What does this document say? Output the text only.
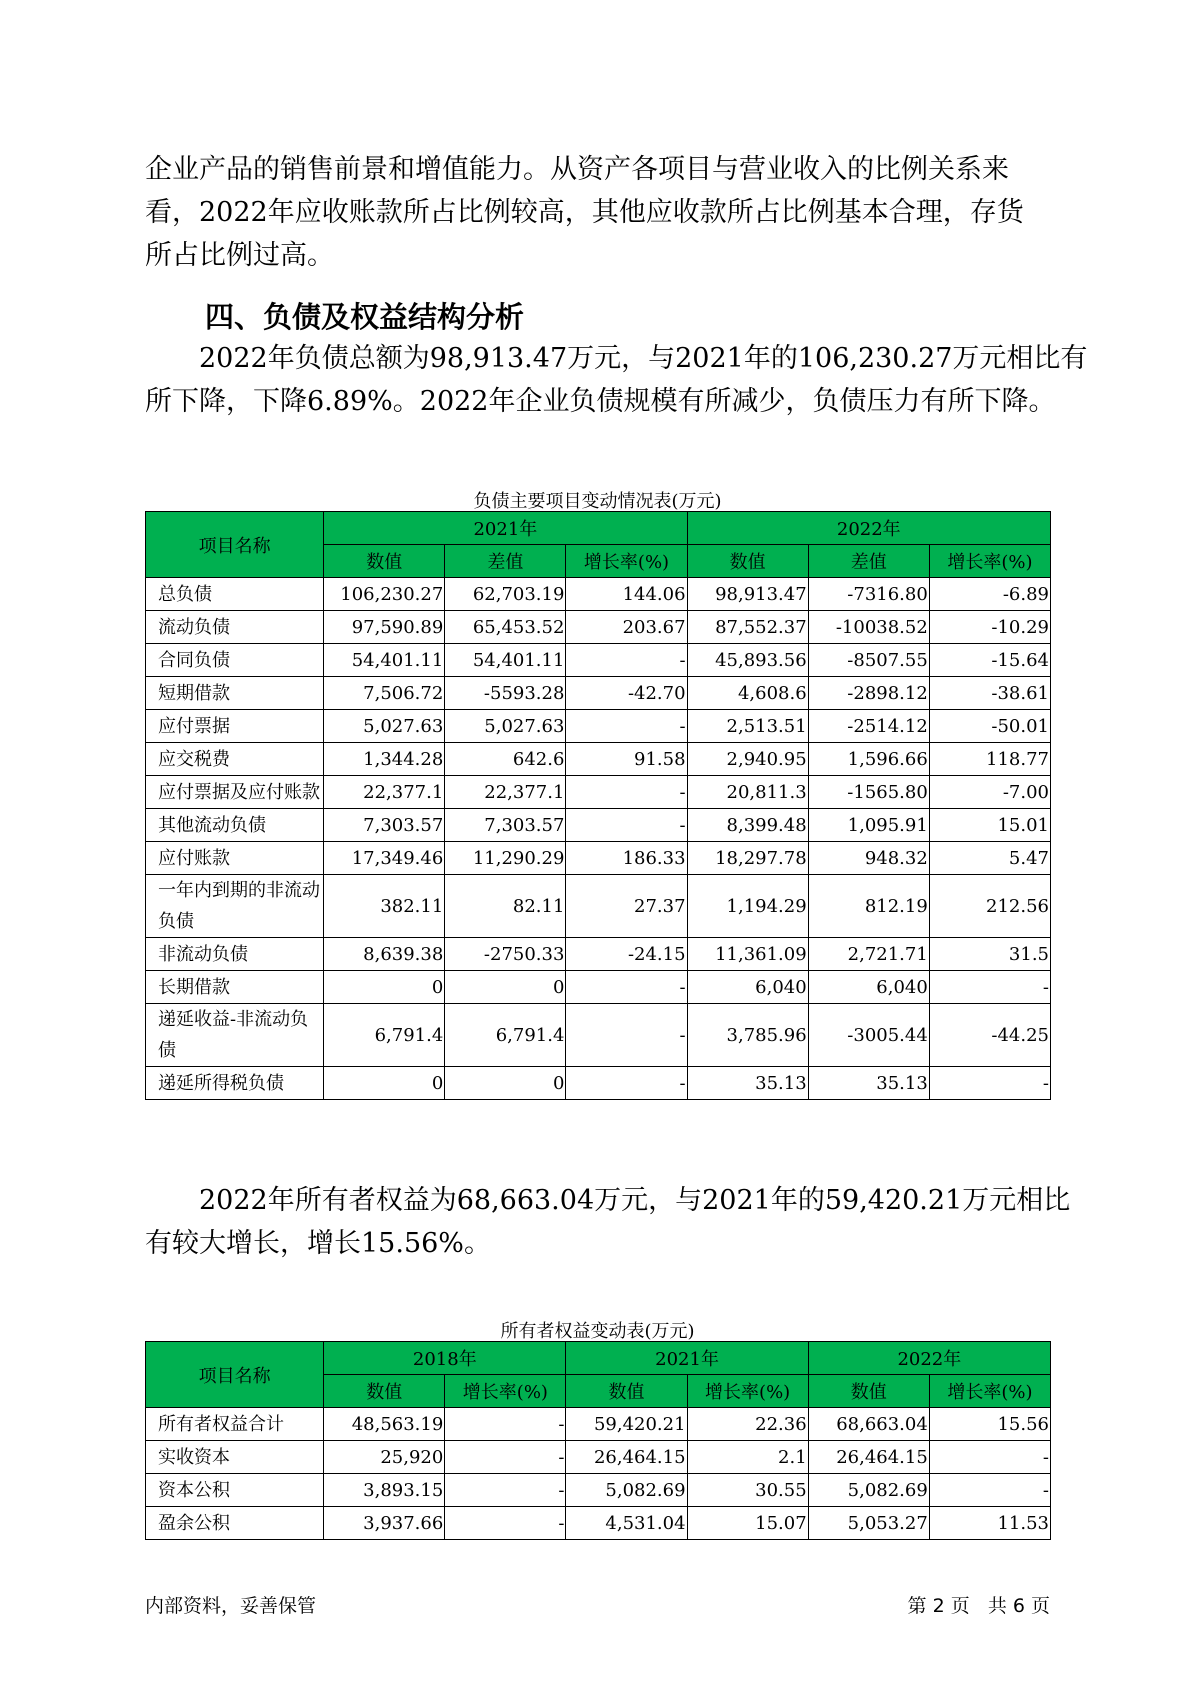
企业产品的销售前景和增值能力。从资产各项目与营业收入的比例关系来
看，2022年应收账款所占比例较高，其他应收款所占比例基本合理，存货
所占比例过高。
四、负债及权益结构分析
2022年负债总额为98,913.47万元，与2021年的106,230.27万元相比有
所下降，下降6.89%。2022年企业负债规模有所减少，负债压力有所下降。
负债主要项目变动情况表(万元)
项目名称	2021年			2022年		
	数值	差值	增长率(%)	数值	差值	增长率(%)
总负债	106,230.27	62,703.19	144.06	98,913.47	-7316.80	-6.89
流动负债	97,590.89	65,453.52	203.67	87,552.37	-10038.52	-10.29
合同负债	54,401.11	54,401.11	-	45,893.56	-8507.55	-15.64
短期借款	7,506.72	-5593.28	-42.70	4,608.6	-2898.12	-38.61
应付票据	5,027.63	5,027.63	-	2,513.51	-2514.12	-50.01
应交税费	1,344.28	642.6	91.58	2,940.95	1,596.66	118.77
应付票据及应付账款	22,377.1	22,377.1	-	20,811.3	-1565.80	-7.00
其他流动负债	7,303.57	7,303.57	-	8,399.48	1,095.91	15.01
应付账款	17,349.46	11,290.29	186.33	18,297.78	948.32	5.47
一年内到期的非流动负债	382.11	82.11	27.37	1,194.29	812.19	212.56
非流动负债	8,639.38	-2750.33	-24.15	11,361.09	2,721.71	31.5
长期借款	0	0	-	6,040	6,040	-
递延收益-非流动负债	6,791.4	6,791.4	-	3,785.96	-3005.44	-44.25
递延所得税负债	0	0	-	35.13	35.13	-
2022年所有者权益为68,663.04万元，与2021年的59,420.21万元相比
有较大增长，增长15.56%。
所有者权益变动表(万元)
项目名称	2018年		2021年		2022年	
	数值	增长率(%)	数值	增长率(%)	数值	增长率(%)
所有者权益合计	48,563.19	-	59,420.21	22.36	68,663.04	15.56
实收资本	25,920	-	26,464.15	2.1	26,464.15	-
资本公积	3,893.15	-	5,082.69	30.55	5,082.69	-
盈余公积	3,937.66	-	4,531.04	15.07	5,053.27	11.53
内部资料，妥善保管	第 2 页   共 6 页
